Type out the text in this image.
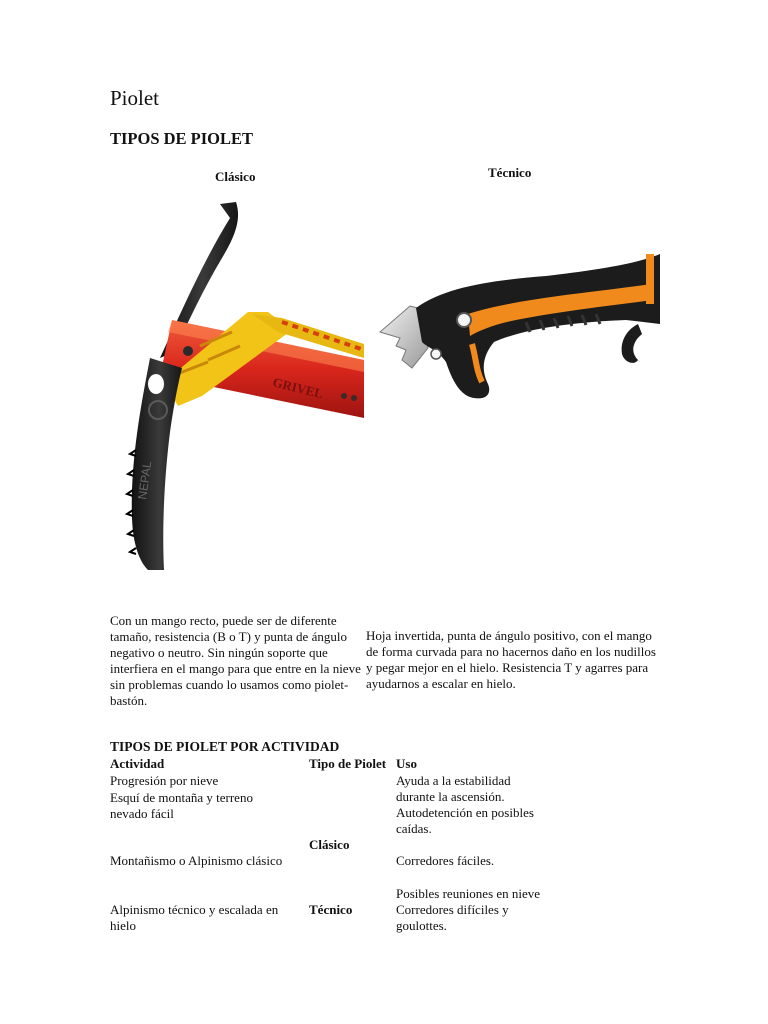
Piolet
TIPOS DE PIOLET
Clásico	Técnico
GRIVEL
NEPAL
Con un mango recto, puede ser de diferente tamaño, resistencia (B o T) y punta de ángulo negativo o neutro. Sin ningún soporte que interfiera en el mango para que entre en la nieve sin problemas cuando lo usamos como piolet-bastón.
Hoja invertida, punta de ángulo positivo, con el mango de forma curvada para no hacernos daño en los nudillos y pegar mejor en el hielo. Resistencia T y agarres para ayudarnos a escalar en hielo.
TIPOS DE PIOLET POR ACTIVIDAD
Actividad	Tipo de Piolet Uso
Progresión por nieve
Esquí de montaña y terreno
nevado fácil
Montañismo o Alpinismo clásico
Alpinismo técnico y escalada en
hielo
Clásico
Técnico
Ayuda a la estabilidad
durante la ascensión.
Autodetención en posibles
caídas.
Corredores fáciles.
Posibles reuniones en nieve
Corredores difíciles y
goulottes.
